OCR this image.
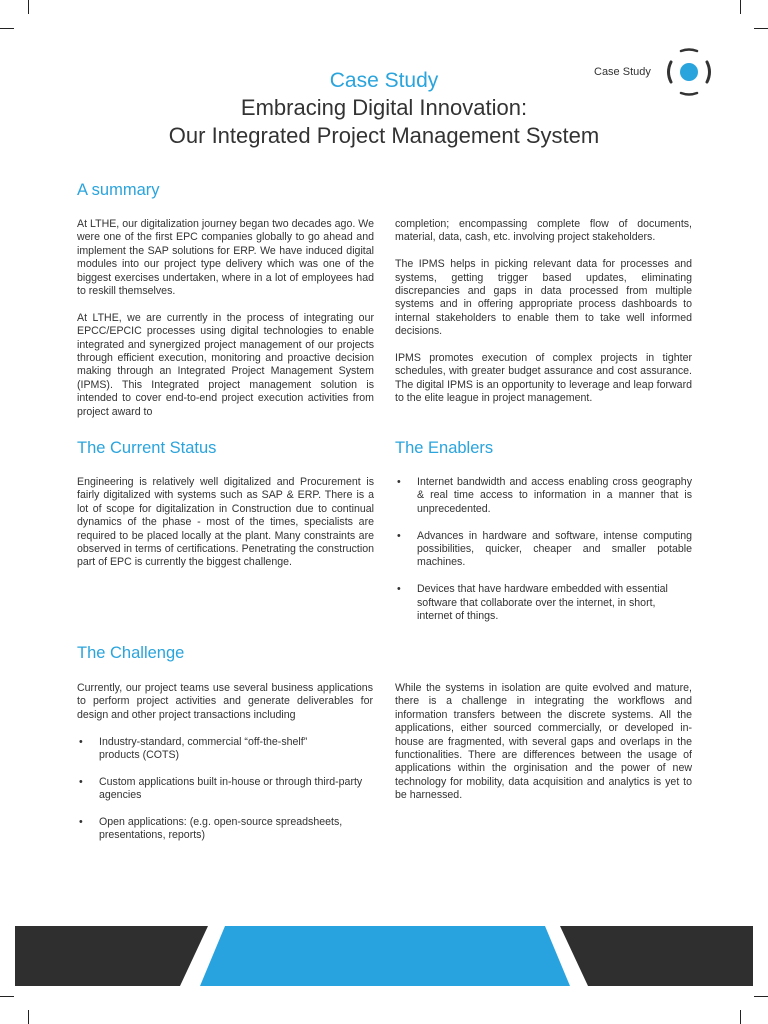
Case Study
Case Study
Embracing Digital Innovation:
Our Integrated Project Management System
A summary

At LTHE, our digitalization journey began two decades ago. We were one of the first EPC companies globally to go ahead and implement the SAP solutions for ERP. We have induced digital modules into our project type delivery which was one of the biggest exercises undertaken, where in a lot of employees had to reskill themselves.

At LTHE, we are currently in the process of integrating our EPCC/EPCIC processes using digital technologies to enable integrated and synergized project management of our projects through efficient execution, monitoring and proactive decision making through an Integrated Project Management System (IPMS). This Integrated project management solution is intended to cover end-to-end project execution activities from project award to

completion; encompassing complete flow of documents, material, data, cash, etc. involving project stakeholders.

The IPMS helps in picking relevant data for processes and systems, getting trigger based updates, eliminating discrepancies and gaps in data processed from multiple systems and in offering appropriate process dashboards to internal stakeholders to enable them to take well informed decisions.

IPMS promotes execution of complex projects in tighter schedules, with greater budget assurance and cost assurance. The digital IPMS is an opportunity to leverage and leap forward to the elite league in project management.

The Current Status

Engineering is relatively well digitalized and Procurement is fairly digitalized with systems such as SAP & ERP. There is a lot of scope for digitalization in Construction due to continual dynamics of the phase - most of the times, specialists are required to be placed locally at the plant. Many constraints are observed in terms of certifications. Penetrating the construction part of EPC is currently the biggest challenge.

The Enablers
• Internet bandwidth and access enabling cross geography & real time access to information in a manner that is unprecedented.
• Advances in hardware and software, intense computing possibilities, quicker, cheaper and smaller potable machines.
• Devices that have hardware embedded with essential software that collaborate over the internet, in short, internet of things.
The Challenge

Currently, our project teams use several business applications to perform project activities and generate deliverables for design and other project transactions including

• Industry-standard, commercial “off-the-shelf” products (COTS)
• Custom applications built in-house or through third-party agencies
• Open applications: (e.g. open-source spreadsheets, presentations, reports)

While the systems in isolation are quite evolved and mature, there is a challenge in integrating the workflows and information transfers between the discrete systems. All the applications, either sourced commercially, or developed in-house are fragmented, with several gaps and overlaps in the functionalities. There are differences between the usage of applications within the orginisation and the power of new technology for mobility, data acquisition and analytics is yet to be harnessed.
